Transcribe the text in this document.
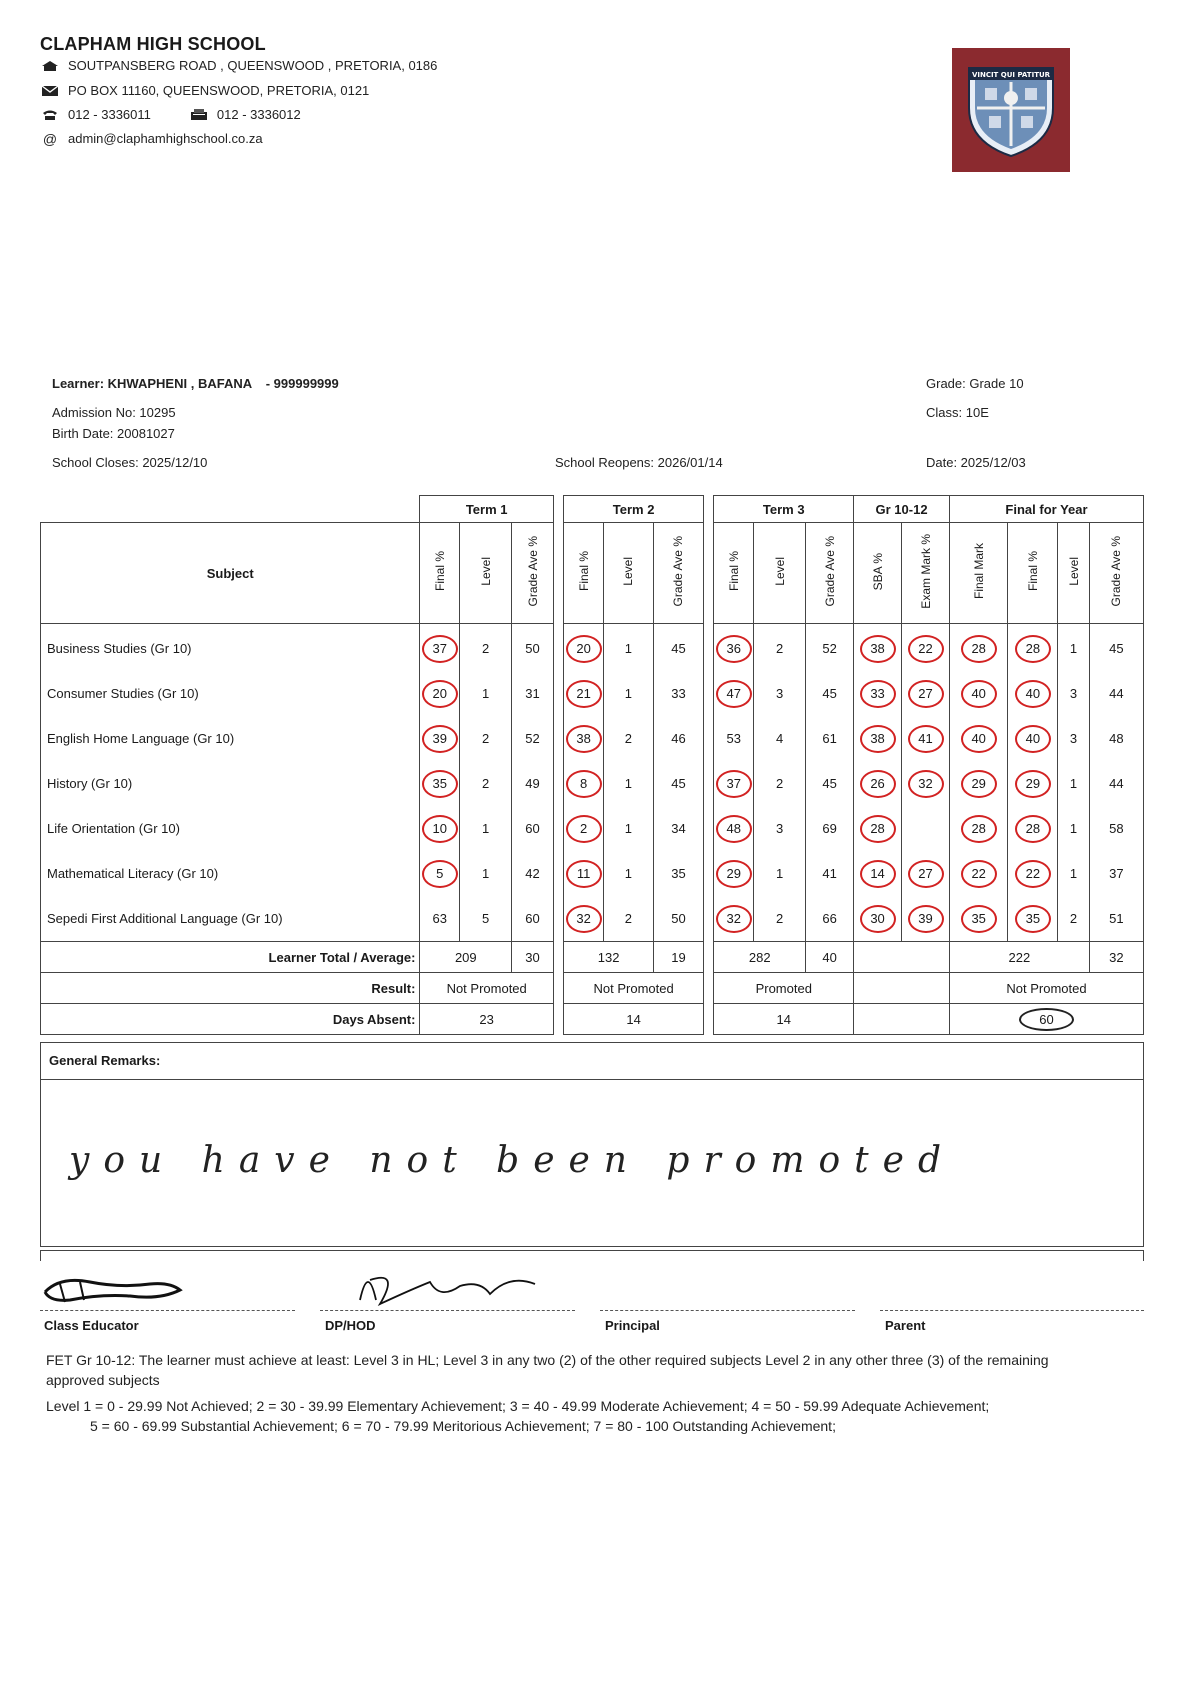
CLAPHAM HIGH SCHOOL
SOUTPANSBERG ROAD , QUEENSWOOD , PRETORIA, 0186
PO BOX 11160, QUEENSWOOD, PRETORIA, 0121
012 - 3336011	012 - 3336012
@ admin@claphamhighschool.co.za
VINCIT QUI PATITUR
Learner: KHWAPHENI , BAFANA - 999999999
Admission No: 10295
Birth Date: 20081027
School Closes: 2025/12/10	School Reopens: 2026/01/14
Grade: Grade 10
Class: 10E
Date: 2025/12/03
	Term 1				Term 2				Term 3			Gr 10-12		Final for Year			
Subject	Final %	Level	Grade Ave %		Final %	Level	Grade Ave %		Final %	Level	Grade Ave %	SBA %	Exam Mark %	Final Mark	Final %	Level	Grade Ave %
Business Studies (Gr 10)	37	2	50		20	1	45		36	2	52	38	22	28	28	1	45
Consumer Studies (Gr 10)	20	1	31		21	1	33		47	3	45	33	27	40	40	3	44
English Home Language (Gr 10)	39	2	52		38	2	46		53	4	61	38	41	40	40	3	48
History (Gr 10)	35	2	49		8	1	45		37	2	45	26	32	29	29	1	44
Life Orientation (Gr 10)	10	1	60		2	1	34		48	3	69	28		28	28	1	58
Mathematical Literacy (Gr 10)	5	1	42		11	1	35		29	1	41	14	27	22	22	1	37
Sepedi First Additional Language (Gr 10)	63	5	60		32	2	50		32	2	66	30	39	35	35	2	51
Learner Total / Average:	209		30		132		19		282		40			222			32
Result:	Not Promoted				Not Promoted				Promoted					Not Promoted			
Days Absent:	23				14				14					60			
General Remarks:
you have not been promoted
Class Educator	DP/HOD	Principal	Parent
FET Gr 10-12: The learner must achieve at least: Level 3 in HL; Level 3 in any two (2) of the other required subjects Level 2 in any other three (3) of the remaining
approved subjects
Level 1 = 0 - 29.99 Not Achieved; 2 = 30 - 39.99 Elementary Achievement; 3 = 40 - 49.99 Moderate Achievement; 4 = 50 - 59.99 Adequate Achievement;
5 = 60 - 69.99 Substantial Achievement; 6 = 70 - 79.99 Meritorious Achievement; 7 = 80 - 100 Outstanding Achievement;
